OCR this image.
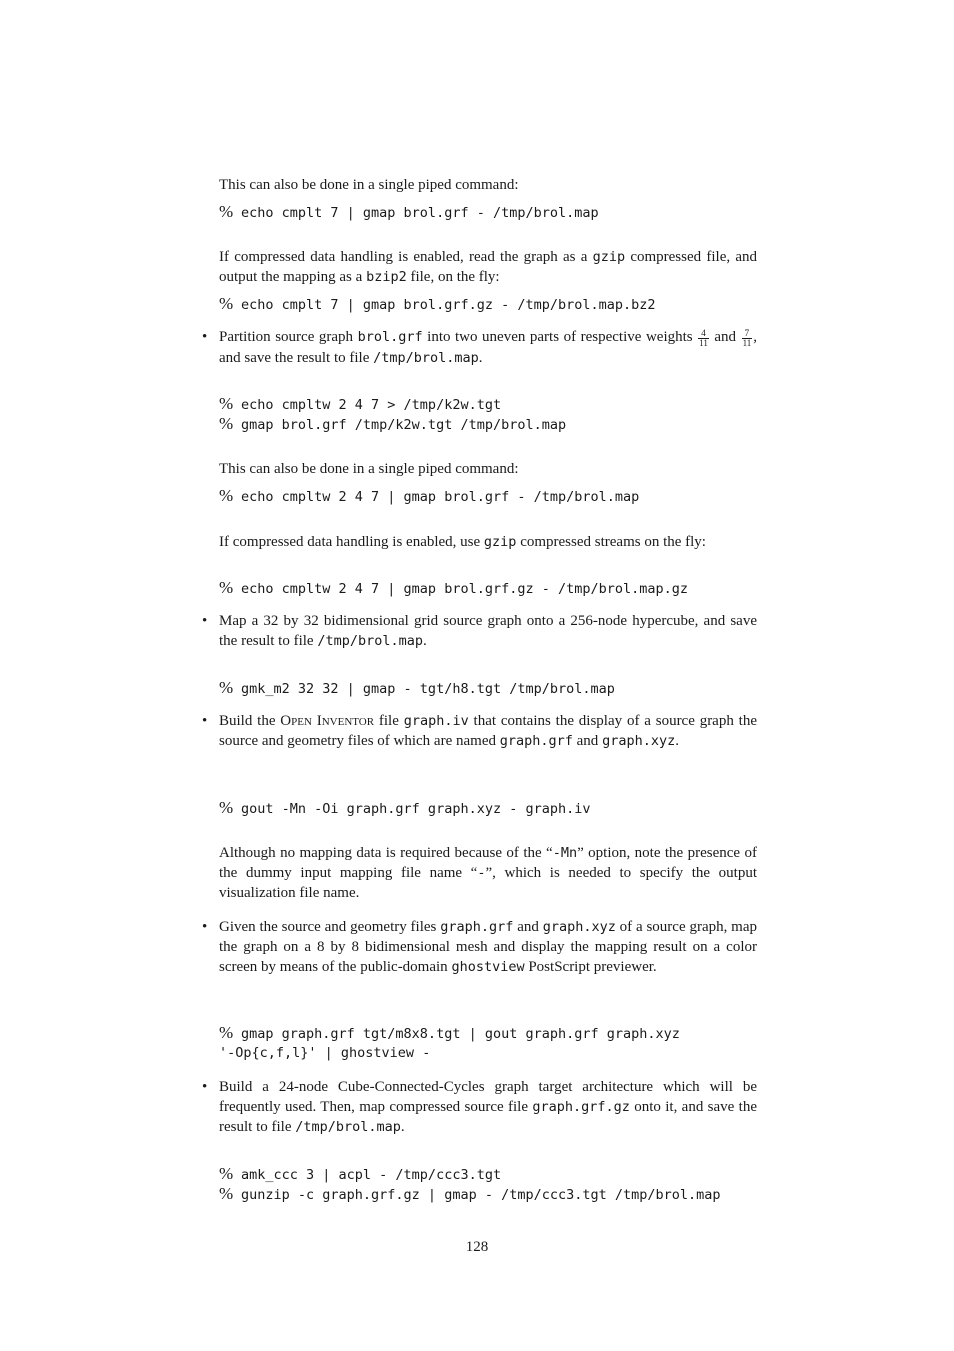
This can also be done in a single piped command:

% echo cmplt 7 | gmap brol.grf - /tmp/brol.map

If compressed data handling is enabled, read the graph as a gzip compressed file, and output the mapping as a bzip2 file, on the fly:

% echo cmplt 7 | gmap brol.grf.gz - /tmp/brol.map.bz2
• Partition source graph brol.grf into two uneven parts of respective weights $\frac{4}{11}$ and $\frac{7}{11}$ , and save the result to file /tmp/brol.map.

% echo cmpltw 2 4 7 > /tmp/k2w.tgt
% gmap brol.grf /tmp/k2w.tgt /tmp/brol.map

This can also be done in a single piped command:

% echo cmpltw 2 4 7 | gmap brol.grf - /tmp/brol.map

If compressed data handling is enabled, use gzip compressed streams on the fly:

% echo cmpltw 2 4 7 | gmap brol.grf.gz - /tmp/brol.map.gz
• Map a 32 by 32 bidimensional grid source graph onto a 256-node hypercube, and save the result to file /tmp/brol.map.

% gmk_m2 32 32 | gmap - tgt/h8.tgt /tmp/brol.map
• Build the Open Inventor file graph.iv that contains the display of a source graph the source and geometry files of which are named graph.grf and graph.xyz.

% gout -Mn -Oi graph.grf graph.xyz - graph.iv

Although no mapping data is required because of the “-Mn” option, note the presence of the dummy input mapping file name “-”, which is needed to specify the output visualization file name.

• Given the source and geometry files graph.grf and graph.xyz of a source graph, map the graph on a 8 by 8 bidimensional mesh and display the mapping result on a color screen by means of the public-domain ghostview PostScript previewer.

% gmap graph.grf tgt/m8x8.tgt | gout graph.grf graph.xyz
'-Op{c,f,l}' | ghostview -
• Build a 24-node Cube-Connected-Cycles graph target architecture which will be frequently used. Then, map compressed source file graph.grf.gz onto it, and save the result to file /tmp/brol.map.

% amk_ccc 3 | acpl - /tmp/ccc3.tgt
% gunzip -c graph.grf.gz | gmap - /tmp/ccc3.tgt /tmp/brol.map
128
